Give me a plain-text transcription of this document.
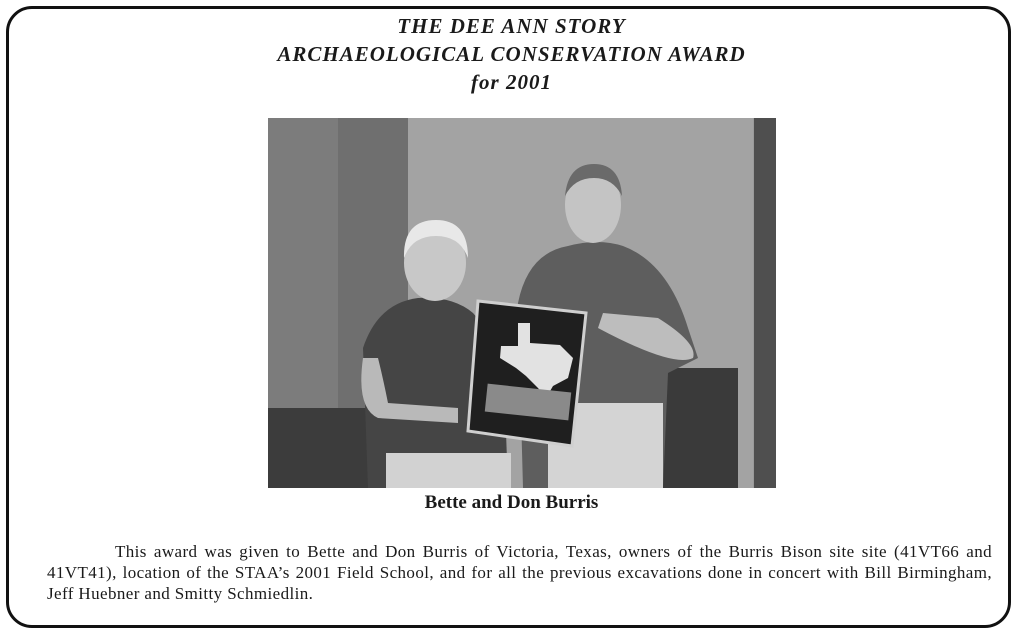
THE DEE ANN STORY
ARCHAEOLOGICAL CONSERVATION AWARD
for 2001
Bette and Don Burris
This award was given to Bette and Don Burris of Victoria, Texas, owners of the Burris Bison site site (41VT66 and 41VT41), location of the STAA’s 2001 Field School, and for all the previous excavations done in concert with Bill Birmingham, Jeff Huebner and Smitty Schmiedlin.
